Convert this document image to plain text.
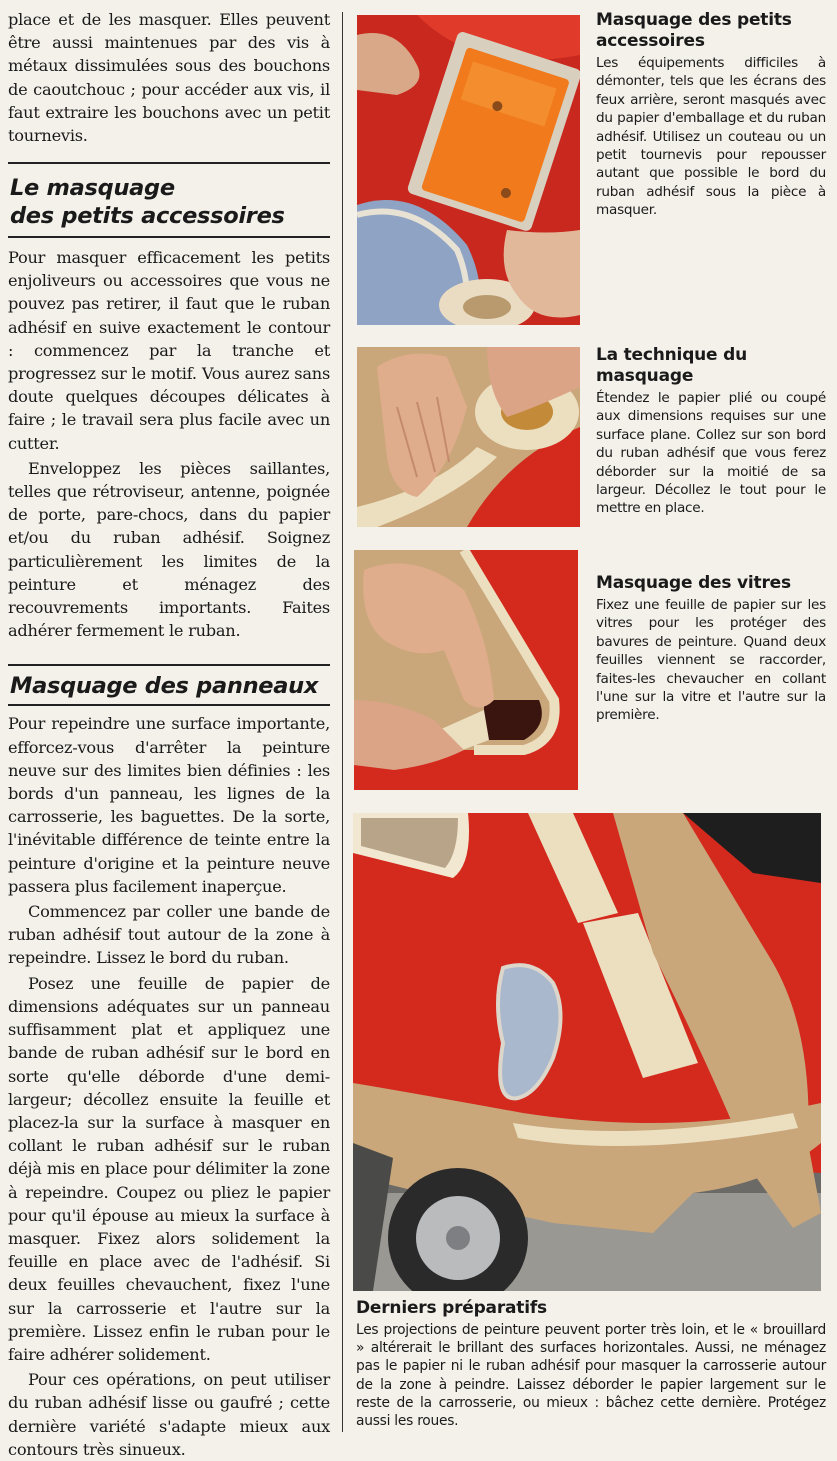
place et de les masquer. Elles peuvent être aussi maintenues par des vis à métaux dissimulées sous des bouchons de caoutchouc ; pour accéder aux vis, il faut extraire les bouchons avec un petit tournevis.

Le masquage

des petits accessoires

Pour masquer efficacement les petits enjoliveurs ou accessoires que vous ne pouvez pas retirer, il faut que le ruban adhésif en suive exactement le contour : commencez par la tranche et progressez sur le motif. Vous aurez sans doute quelques découpes délicates à faire ; le travail sera plus facile avec un cutter.

Enveloppez les pièces saillantes, telles que rétroviseur, antenne, poignée de porte, pare-chocs, dans du papier et/ou du ruban adhésif. Soignez particulièrement les limites de la peinture et ménagez des recouvrements importants. Faites adhérer fermement le ruban.

Masquage des panneaux

Pour repeindre une surface importante, efforcez-vous d'arrêter la peinture neuve sur des limites bien définies : les bords d'un panneau, les lignes de la carrosserie, les baguettes. De la sorte, l'inévitable différence de teinte entre la peinture d'origine et la peinture neuve passera plus facilement inaperçue.

Commencez par coller une bande de ruban adhésif tout autour de la zone à repeindre. Lissez le bord du ruban.

Posez une feuille de papier de dimensions adéquates sur un panneau suffisamment plat et appliquez une bande de ruban adhésif sur le bord en sorte qu'elle déborde d'une demi-largeur; décollez ensuite la feuille et placez-la sur la surface à masquer en collant le ruban adhésif sur le ruban déjà mis en place pour délimiter la zone à repeindre. Coupez ou pliez le papier pour qu'il épouse au mieux la surface à masquer. Fixez alors solidement la feuille en place avec de l'adhésif. Si deux feuilles chevauchent, fixez l'une sur la carrosserie et l'autre sur la première. Lissez enfin le ruban pour le faire adhérer solidement.

Pour ces opérations, on peut utiliser du ruban adhésif lisse ou gaufré ; cette dernière variété s'adapte mieux aux contours très sinueux.

Masquage des petits accessoires

Les équipements difficiles à démonter, tels que les écrans des feux arrière, seront masqués avec du papier d'emballage et du ruban adhésif. Utilisez un couteau ou un petit tournevis pour repousser autant que possible le bord du ruban adhésif sous la pièce à masquer.

La technique du masquage

Étendez le papier plié ou coupé aux dimensions requises sur une surface plane. Collez sur son bord du ruban adhésif que vous ferez déborder sur la moitié de sa largeur. Décollez le tout pour le mettre en place.

Masquage des vitres

Fixez une feuille de papier sur les vitres pour les protéger des bavures de peinture. Quand deux feuilles viennent se raccorder, faites-les chevaucher en collant l'une sur la vitre et l'autre sur la première.

Derniers préparatifs

Les projections de peinture peuvent porter très loin, et le « brouillard » altérerait le brillant des surfaces horizontales. Aussi, ne ménagez pas le papier ni le ruban adhésif pour masquer la carrosserie autour de la zone à peindre. Laissez déborder le papier largement sur le reste de la carrosserie, ou mieux : bâchez cette dernière. Protégez aussi les roues.
